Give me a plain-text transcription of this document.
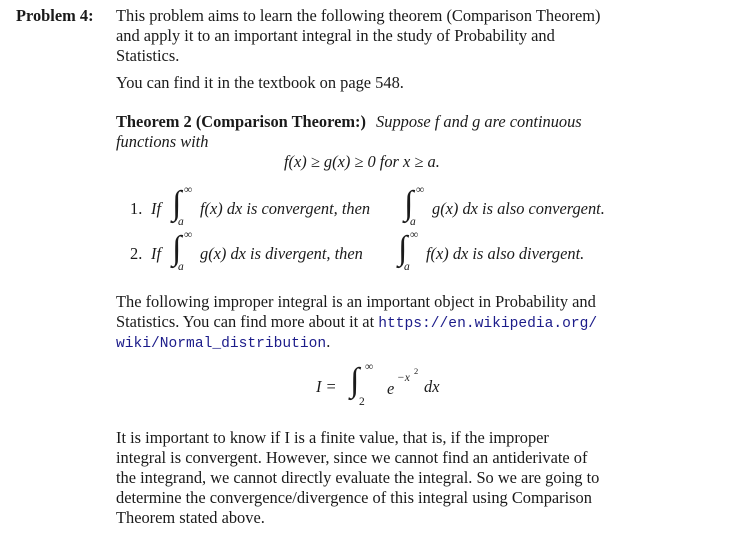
Problem 4: This problem aims to learn the following theorem (Comparison Theorem)
and apply it to an important integral in the study of Probability and
Statistics.
You can find it in the textbook on page 548.
Theorem 2 (Comparison Theorem:) Suppose f and g are continuous
functions with
f(x) ≥ g(x) ≥ 0 for x ≥ a.
1. If ∫ ∞
a
f(x) dx is convergent, then ∫ ∞
a
g(x) dx is also convergent.
2. If ∫ ∞
a
g(x) dx is divergent, then ∫ ∞
a
f(x) dx is also divergent.
The following improper integral is an important object in Probability and
Statistics. You can find more about it at https://en.wikipedia.org/
wiki/Normal_distribution.
I = ∫ ∞
2
e
−x
2
dx
It is important to know if I is a finite value, that is, if the improper
integral is convergent. However, since we cannot find an antiderivate of
the integrand, we cannot directly evaluate the integral. So we are going to
determine the convergence/divergence of this integral using Comparison
Theorem stated above.
